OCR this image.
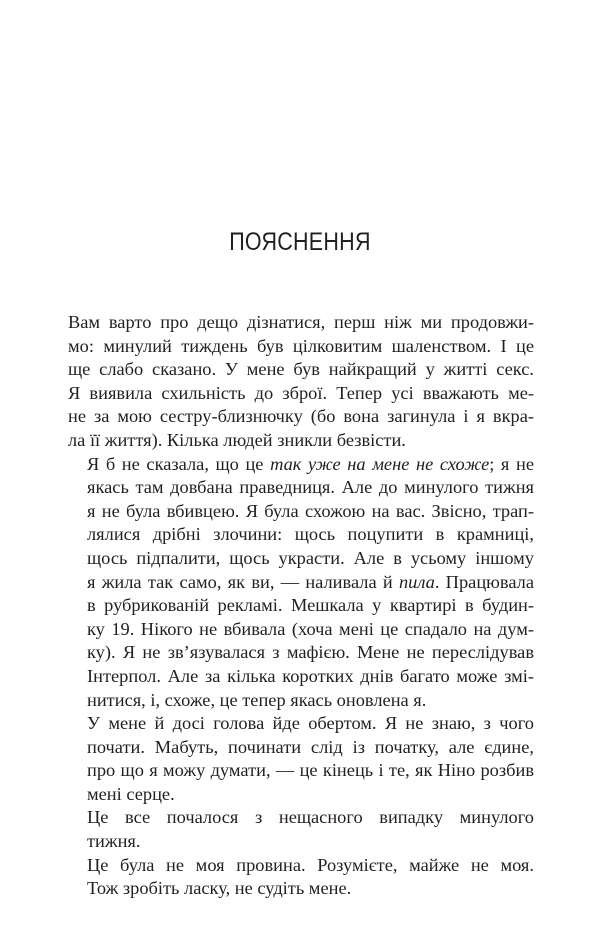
ПОЯСНЕННЯ
Вам варто про дещо дізнатися, перш ніж ми продовжи-
мо: минулий тиждень був цілковитим шаленством. І це
ще слабо сказано. У мене був найкращий у житті секс.
Я виявила схильність до зброї. Тепер усі вважають ме-
не за мою сестру-близнючку (бо вона загинула і я вкра-
ла її життя). Кілька людей зникли безвісти.
Я б не сказала, що це так уже на мене не схоже; я не
якась там довбана праведниця. Але до минулого тижня
я не була вбивцею. Я була схожою на вас. Звісно, трап-
лялися дрібні злочини: щось поцупити в крамниці,
щось підпалити, щось украсти. Але в усьому іншому
я жила так само, як ви, — наливала й пила. Працювала
в рубрикованій рекламі. Мешкала у квартирі в будин-
ку 19. Нікого не вбивала (хоча мені це спадало на дум-
ку). Я не зв’язувалася з мафією. Мене не переслідував
Інтерпол. Але за кілька коротких днів багато може змі-
нитися, і, схоже, це тепер якась оновлена я.
У мене й досі голова йде обертом. Я не знаю, з чого
почати. Мабуть, починати слід із початку, але єдине,
про що я можу думати, — це кінець і те, як Ніно розбив
мені серце.
Це все почалося з нещасного випадку минулого
тижня.
Це була не моя провина. Розумієте, майже не моя.
Тож зробіть ласку, не судіть мене.
